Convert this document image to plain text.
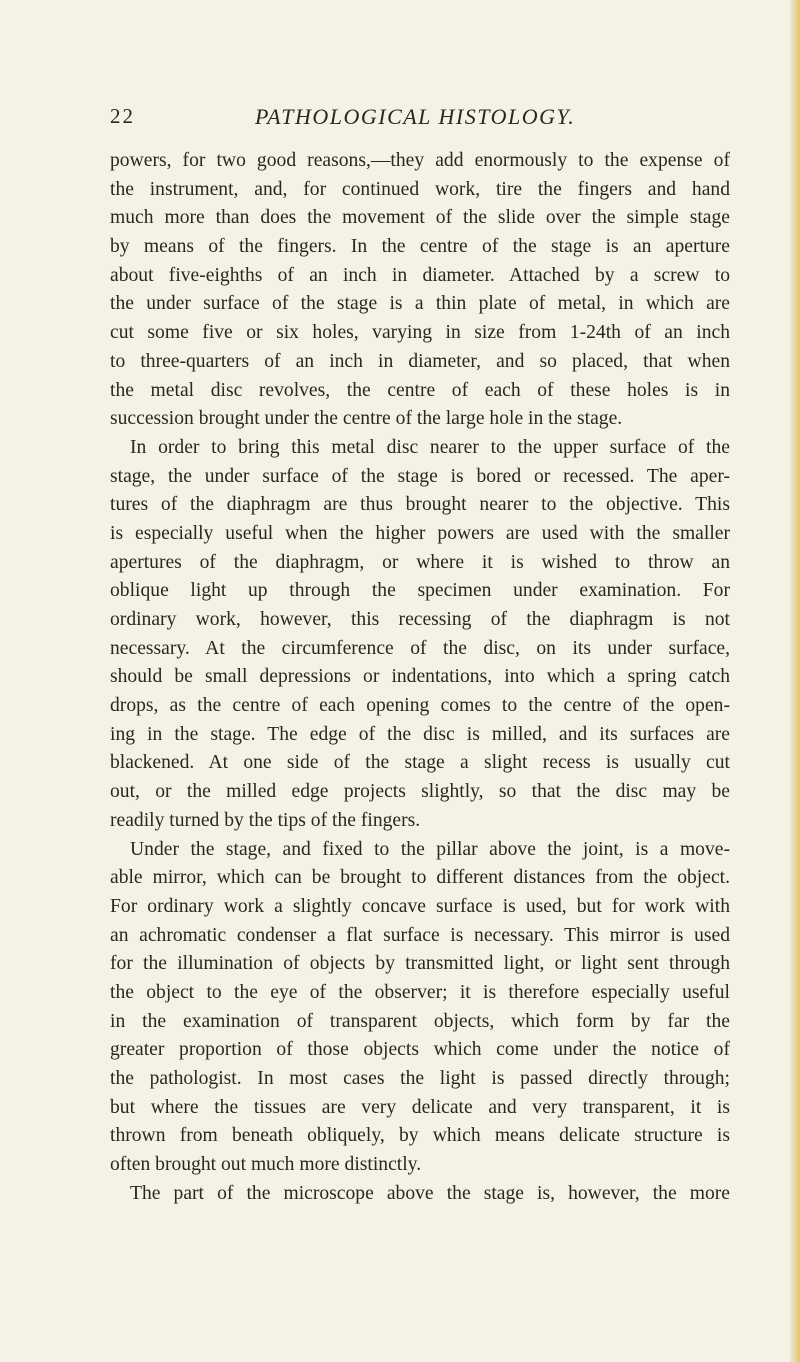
22	PATHOLOGICAL HISTOLOGY.
powers, for two good reasons,—they add enormously to the expense of
the instrument, and, for continued work, tire the fingers and hand
much more than does the movement of the slide over the simple stage
by means of the fingers. In the centre of the stage is an aperture
about five-eighths of an inch in diameter. Attached by a screw to
the under surface of the stage is a thin plate of metal, in which are
cut some five or six holes, varying in size from 1-24th of an inch
to three-quarters of an inch in diameter, and so placed, that when
the metal disc revolves, the centre of each of these holes is in
succession brought under the centre of the large hole in the stage.
In order to bring this metal disc nearer to the upper surface of the
stage, the under surface of the stage is bored or recessed. The aper-
tures of the diaphragm are thus brought nearer to the objective. This
is especially useful when the higher powers are used with the smaller
apertures of the diaphragm, or where it is wished to throw an
oblique light up through the specimen under examination. For
ordinary work, however, this recessing of the diaphragm is not
necessary. At the circumference of the disc, on its under surface,
should be small depressions or indentations, into which a spring catch
drops, as the centre of each opening comes to the centre of the open-
ing in the stage. The edge of the disc is milled, and its surfaces are
blackened. At one side of the stage a slight recess is usually cut
out, or the milled edge projects slightly, so that the disc may be
readily turned by the tips of the fingers.
Under the stage, and fixed to the pillar above the joint, is a move-
able mirror, which can be brought to different distances from the object.
For ordinary work a slightly concave surface is used, but for work with
an achromatic condenser a flat surface is necessary. This mirror is used
for the illumination of objects by transmitted light, or light sent through
the object to the eye of the observer; it is therefore especially useful
in the examination of transparent objects, which form by far the
greater proportion of those objects which come under the notice of
the pathologist. In most cases the light is passed directly through;
but where the tissues are very delicate and very transparent, it is
thrown from beneath obliquely, by which means delicate structure is
often brought out much more distinctly.
The part of the microscope above the stage is, however, the more
